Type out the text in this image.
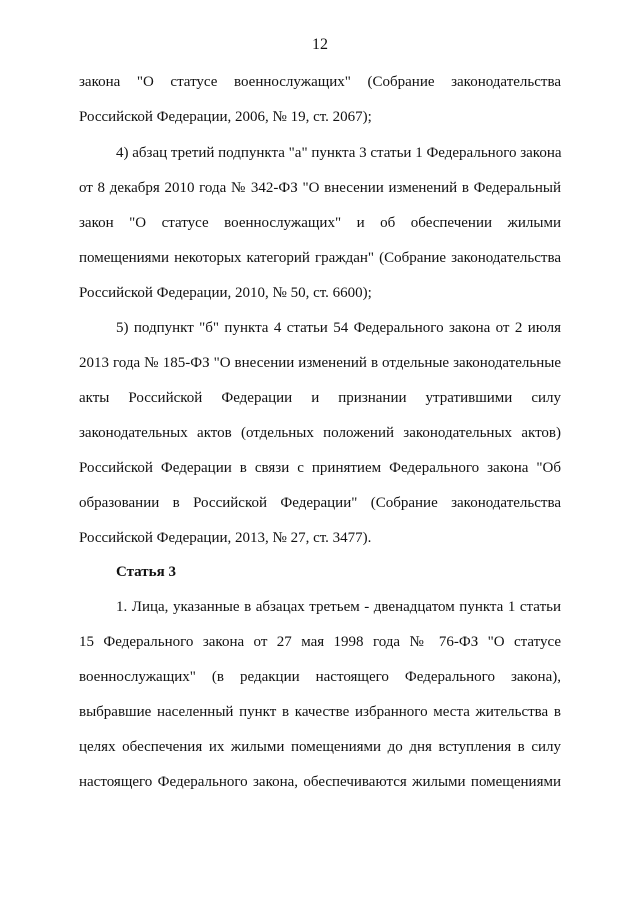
12
закона "О статусе военнослужащих" (Собрание законодательства
Российской Федерации, 2006, № 19, ст. 2067);
4) абзац третий подпункта "а" пункта 3 статьи 1 Федерального закона
от 8 декабря 2010 года № 342-ФЗ "О внесении изменений в Федеральный
закон "О статусе военнослужащих" и об обеспечении жилыми
помещениями некоторых категорий граждан" (Собрание законодательства
Российской Федерации, 2010, № 50, ст. 6600);
5) подпункт "б" пункта 4 статьи 54 Федерального закона от 2 июля
2013 года № 185-ФЗ "О внесении изменений в отдельные законодательные
акты Российской Федерации и признании утратившими силу
законодательных актов (отдельных положений законодательных актов)
Российской Федерации в связи с принятием Федерального закона "Об
образовании в Российской Федерации" (Собрание законодательства
Российской Федерации, 2013, № 27, ст. 3477).
Статья 3
1. Лица, указанные в абзацах третьем - двенадцатом пункта 1 статьи
15 Федерального закона от 27 мая 1998 года № 76-ФЗ "О статусе
военнослужащих" (в редакции настоящего Федерального закона),
выбравшие населенный пункт в качестве избранного места жительства в
целях обеспечения их жилыми помещениями до дня вступления в силу
настоящего Федерального закона, обеспечиваются жилыми помещениями
